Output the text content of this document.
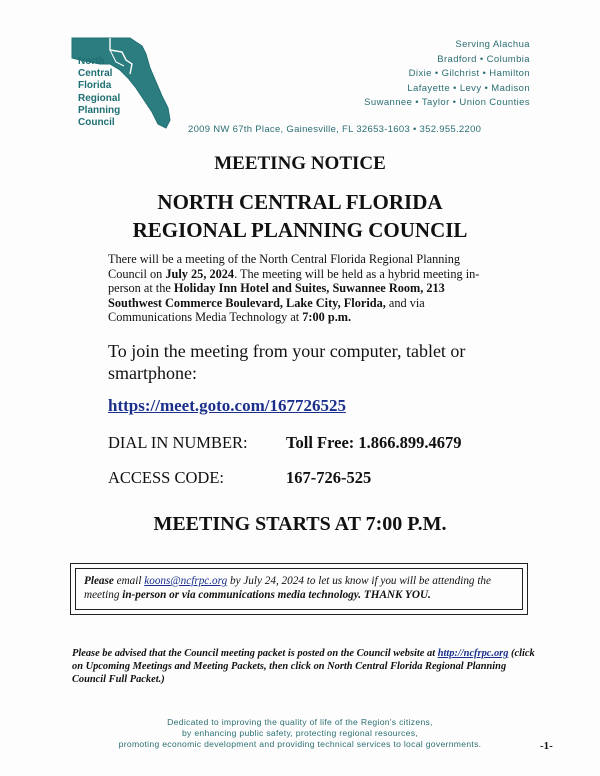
North
Central
Florida
Regional
Planning
Council
Serving Alachua
Bradford • Columbia
Dixie • Gilchrist • Hamilton
Lafayette • Levy • Madison
Suwannee • Taylor • Union Counties
2009 NW 67th Place, Gainesville, FL 32653-1603 • 352.955.2200
MEETING NOTICE
NORTH CENTRAL FLORIDA
REGIONAL PLANNING COUNCIL
There will be a meeting of the North Central Florida Regional Planning Council on July 25, 2024. The meeting will be held as a hybrid meeting in-person at the Holiday Inn Hotel and Suites, Suwannee Room, 213 Southwest Commerce Boulevard, Lake City, Florida, and via Communications Media Technology at 7:00 p.m.
To join the meeting from your computer, tablet or smartphone:
https://meet.goto.com/167726525
DIAL IN NUMBER: Toll Free: 1.866.899.4679
ACCESS CODE:	167-726-525
MEETING STARTS AT 7:00 P.M.
Please email koons@ncfrpc.org by July 24, 2024 to let us know if you will be attending the meeting in-person or via communications media technology. THANK YOU.
Please be advised that the Council meeting packet is posted on the Council website at http://ncfrpc.org (click on Upcoming Meetings and Meeting Packets, then click on North Central Florida Regional Planning Council Full Packet.)
Dedicated to improving the quality of life of the Region's citizens,
by enhancing public safety, protecting regional resources,
promoting economic development and providing technical services to local governments.	-1-
